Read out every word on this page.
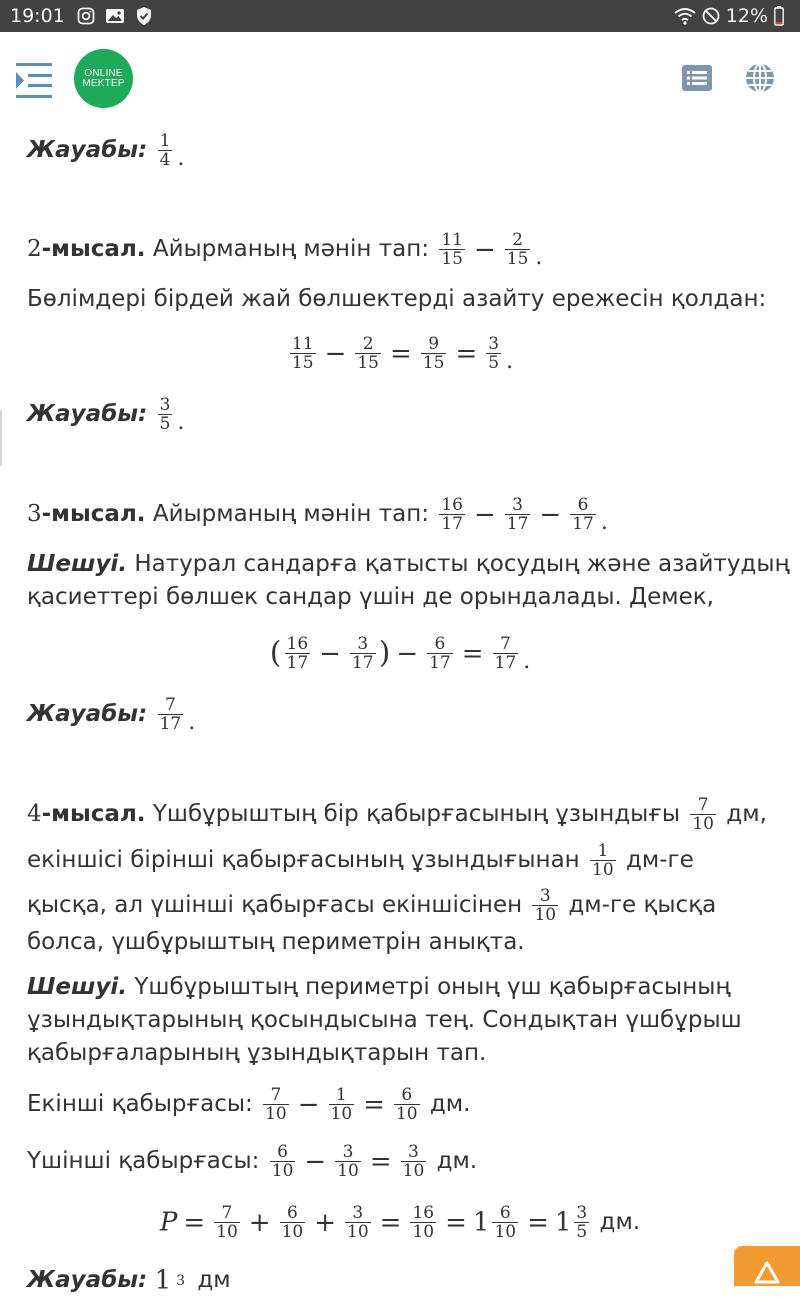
19:01	12%
ONLINE
MEKTEP
Жауабы: $\frac{1}{4}$ .
2-мысал. Айырманың мәнін тап: $\frac{11}{15} - \frac{2}{15}$ .
Бөлімдері бірдей жай бөлшектерді азайту ережесін қолдан:
$\frac{11}{15} - \frac{2}{15} = \frac{9}{15} = \frac{3}{5}$ .
Жауабы: $\frac{3}{5}$ .
3-мысал. Айырманың мәнін тап: $\frac{16}{17} - \frac{3}{17} - \frac{6}{17}$ .
Шешуі. Натурал сандарға қатысты қосудың және азайтудың
қасиеттері бөлшек сандар үшін де орындалады. Демек,
( $\frac{16}{17} - \frac{3}{17}$ ) − $\frac{6}{17} = \frac{7}{17}$ .
Жауабы: $\frac{7}{17}$ .
4-мысал. Үшбұрыштың бір қабырғасының ұзындығы $\frac{7}{10}$ дм,
екіншісі бірінші қабырғасының ұзындығынан $\frac{1}{10} дм-ге$
қысқа, ал үшінші қабырғасы екіншісінен $\frac{3}{10} дм-ге$ қысқа
болса, үшбұрыштың периметрін анықта.
Шешуі. Үшбұрыштың периметрі оның үш қабырғасының
ұзындықтарының қосындысына тең. Сондықтан үшбұрыш
қабырғаларының ұзындықтарын тап.
Екінші қабырғасы: $\frac{7}{10} - \frac{1}{10} = \frac{6}{10}$ дм.
Үшінші қабырғасы: $\frac{6}{10} - \frac{3}{10} = \frac{3}{10}$ дм.
$P = \frac{7}{10} + \frac{6}{10} + \frac{3}{10} = \frac{16}{10} = 1 \frac{6}{10} = 1 \frac{3}{5}$ дм.
Жауабы: 1 3 дм
